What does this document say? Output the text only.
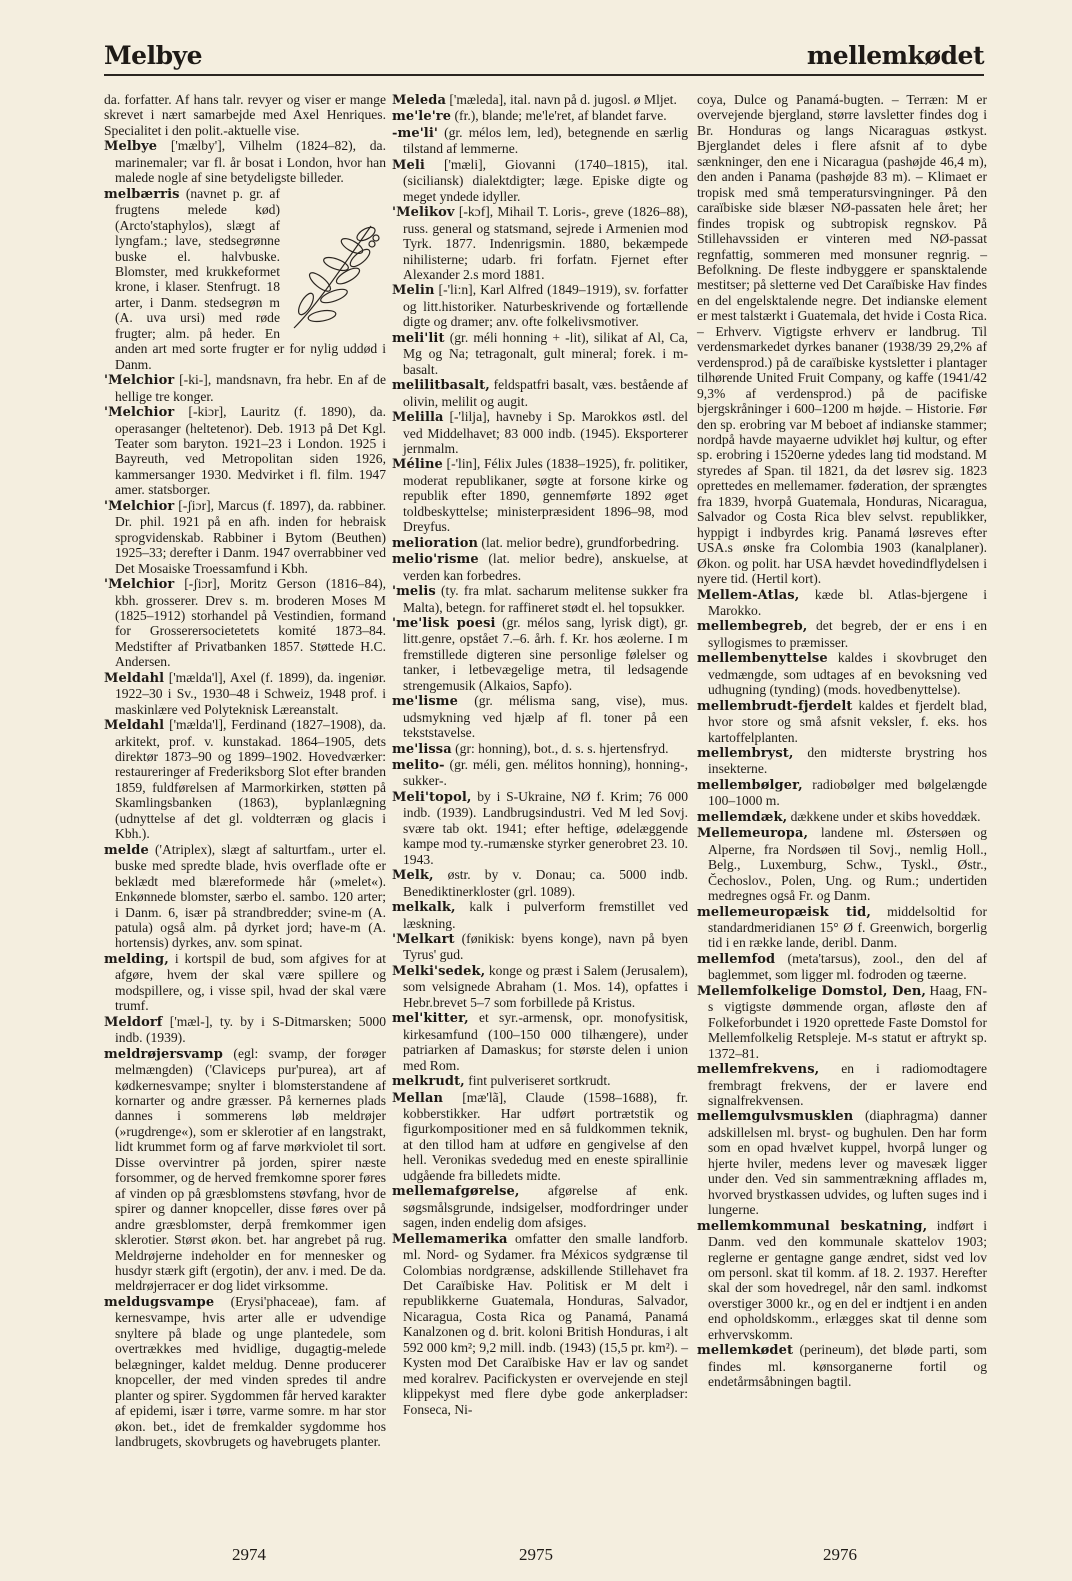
Melbye	mellemkødet
da. forfatter. Af hans talr. revyer og viser er mange skrevet i nært samarbejde med Axel Henriques. Specialitet i den polit.-aktuelle vise.
Melbye ['mælby'], Vilhelm (1824–82), da. marinemaler; var fl. år bosat i London, hvor han malede nogle af sine betydeligste billeder.
melbærris (navnet p. gr. af frugtens melede kød) (Arcto'staphylos), slægt af lyngfam.; lave, stedsegrønne buske el. halvbuske. Blomster, med krukkeformet krone, i klaser. Stenfrugt. 18 arter, i Danm. stedsegrøn m (A. uva ursi) med røde frugter; alm. på heder. En anden art med sorte frugter er for nylig uddød i Danm.
'Melchior [-ki-], mandsnavn, fra hebr. En af de hellige tre konger.
'Melchior [-kiɔr], Lauritz (f. 1890), da. operasanger (heltetenor). Deb. 1913 på Det Kgl. Teater som baryton. 1921–23 i London. 1925 i Bayreuth, ved Metropolitan siden 1926, kammersanger 1930. Medvirket i fl. film. 1947 amer. statsborger.
'Melchior [-ʃiɔr], Marcus (f. 1897), da. rabbiner. Dr. phil. 1921 på en afh. inden for hebraisk sprogvidenskab. Rabbiner i Bytom (Beuthen) 1925–33; derefter i Danm. 1947 overrabbiner ved Det Mosaiske Troessamfund i Kbh.
'Melchior [-ʃiɔr], Moritz Gerson (1816–84), kbh. grosserer. Drev s. m. broderen Moses M (1825–1912) storhandel på Vestindien, formand for Grosserersocietetets komité 1873–84. Medstifter af Privatbanken 1857. Støttede H.C. Andersen.
Meldahl ['mælda'l], Axel (f. 1899), da. ingeniør. 1922–30 i Sv., 1930–48 i Schweiz, 1948 prof. i maskinlære ved Polyteknisk Læreanstalt.
Meldahl ['mælda'l], Ferdinand (1827–1908), da. arkitekt, prof. v. kunstakad. 1864–1905, dets direktør 1873–90 og 1899–1902. Hovedværker: restaureringer af Frederiksborg Slot efter branden 1859, fuldførelsen af Marmorkirken, støtten på Skamlingsbanken (1863), byplanlægning (udnyttelse af det gl. voldterræn og glacis i Kbh.).
melde ('Atriplex), slægt af salturtfam., urter el. buske med spredte blade, hvis overflade ofte er beklædt med blæreformede hår (»melet«). Enkønnede blomster, særbo el. sambo. 120 arter; i Danm. 6, især på strandbredder; svine-m (A. patula) også alm. på dyrket jord; have-m (A. hortensis) dyrkes, anv. som spinat.
melding, i kortspil de bud, som afgives for at afgøre, hvem der skal være spillere og modspillere, og, i visse spil, hvad der skal være trumf.
Meldorf ['mæl-], ty. by i S-Ditmarsken; 5000 indb. (1939).
meldrøjersvamp (egl: svamp, der forøger melmængden) ('Claviceps pur'purea), art af kødkernesvampe; snylter i blomsterstandene af kornarter og andre græsser. På kernernes plads dannes i sommerens løb meldrøjer (»rugdrenge«), som er sklerotier af en langstrakt, lidt krummet form og af farve mørkviolet til sort. Disse overvintrer på jorden, spirer næste forsommer, og de herved fremkomne sporer føres af vinden op på græsblomstens støvfang, hvor de spirer og danner knopceller, disse føres over på andre græsblomster, derpå fremkommer igen sklerotier. Størst økon. bet. har angrebet på rug. Meldrøjerne indeholder en for mennesker og husdyr stærk gift (ergotin), der anv. i med. De da. meldrøjerracer er dog lidet virksomme.
meldugsvampe (Erysi'phaceae), fam. af kernesvampe, hvis arter alle er udvendige snyltere på blade og unge plantedele, som overtrækkes med hvidlige, dugagtig-melede belægninger, kaldet meldug. Denne producerer knopceller, der med vinden spredes til andre planter og spirer. Sygdommen får herved karakter af epidemi, især i tørre, varme somre. m har stor økon. bet., idet de fremkalder sygdomme hos landbrugets, skovbrugets og havebrugets planter.
Meleda ['mæleda], ital. navn på d. jugosl. ø Mljet.
me'le're (fr.), blande; me'le'ret, af blandet farve.
-me'li' (gr. mélos lem, led), betegnende en særlig tilstand af lemmerne.
Meli ['mæli], Giovanni (1740–1815), ital. (siciliansk) dialektdigter; læge. Episke digte og meget yndede idyller.
'Melikov [-kɔf], Mihail T. Loris-, greve (1826–88), russ. general og statsmand, sejrede i Armenien mod Tyrk. 1877. Indenrigsmin. 1880, bekæmpede nihilisterne; udarb. fri forfatn. Fjernet efter Alexander 2.s mord 1881.
Melin [-'li:n], Karl Alfred (1849–1919), sv. forfatter og litt.historiker. Naturbeskrivende og fortællende digte og dramer; anv. ofte folkelivsmotiver.
meli'lit (gr. méli honning + -lit), silikat af Al, Ca, Mg og Na; tetragonalt, gult mineral; forek. i m-basalt.
melilitbasalt, feldspatfri basalt, væs. bestående af olivin, melilit og augit.
Melilla [-'lilja], havneby i Sp. Marokkos østl. del ved Middelhavet; 83 000 indb. (1945). Eksporterer jernmalm.
Méline [-'lin], Félix Jules (1838–1925), fr. politiker, moderat republikaner, søgte at forsone kirke og republik efter 1890, gennemførte 1892 øget toldbeskyttelse; ministerpræsident 1896–98, mod Dreyfus.
melioration (lat. melior bedre), grundforbedring.
melio'risme (lat. melior bedre), anskuelse, at verden kan forbedres.
'melis (ty. fra mlat. sacharum melitense sukker fra Malta), betegn. for raffineret stødt el. hel topsukker.
'me'lisk poesi (gr. mélos sang, lyrisk digt), gr. litt.genre, opstået 7.–6. årh. f. Kr. hos æolerne. I m fremstillede digteren sine personlige følelser og tanker, i letbevægelige metra, til ledsagende strengemusik (Alkaios, Sapfo).
me'lisme (gr. mélisma sang, vise), mus. udsmykning ved hjælp af fl. toner på een tekststavelse.
me'lissa (gr: honning), bot., d. s. s. hjertensfryd.
melito- (gr. méli, gen. mélitos honning), honning-, sukker-.
Meli'topol, by i S-Ukraine, NØ f. Krim; 76 000 indb. (1939). Landbrugsindustri. Ved M led Sovj. svære tab okt. 1941; efter heftige, ødelæggende kampe mod ty.-rumænske styrker generobret 23. 10. 1943.
Melk, østr. by v. Donau; ca. 5000 indb. Benediktinerkloster (grl. 1089).
melkalk, kalk i pulverform fremstillet ved læskning.
'Melkart (fønikisk: byens konge), navn på byen Tyrus' gud.
Melki'sedek, konge og præst i Salem (Jerusalem), som velsignede Abraham (1. Mos. 14), opfattes i Hebr.brevet 5–7 som forbillede på Kristus.
mel'kitter, et syr.-armensk, opr. monofysitisk, kirkesamfund (100–150 000 tilhængere), under patriarken af Damaskus; for største delen i union med Rom.
melkrudt, fint pulveriseret sortkrudt.
Mellan [mæ'lã], Claude (1598–1688), fr. kobberstikker. Har udført portrætstik og figurkompositioner med en så fuldkommen teknik, at den tillod ham at udføre en gengivelse af den hell. Veronikas svededug med en eneste spirallinie udgående fra billedets midte.
mellemafgørelse, afgørelse af enk. søgsmålsgrunde, indsigelser, modfordringer under sagen, inden endelig dom afsiges.
Mellemamerika omfatter den smalle landforb. ml. Nord- og Sydamer. fra Méxicos sydgrænse til Colombias nordgrænse, adskillende Stillehavet fra Det Caraïbiske Hav. Politisk er M delt i republikkerne Guatemala, Honduras, Salvador, Nicaragua, Costa Rica og Panamá, Panamá Kanalzonen og d. brit. koloni British Honduras, i alt 592 000 km²; 9,2 mill. indb. (1943) (15,5 pr. km²). – Kysten mod Det Caraïbiske Hav er lav og sandet med koralrev. Pacifickysten er overvejende en stejl klippekyst med flere dybe gode ankerpladser: Fonseca, Ni-
coya, Dulce og Panamá-bugten. – Terræn: M er overvejende bjergland, større lavsletter findes dog i Br. Honduras og langs Nicaraguas østkyst. Bjerglandet deles i flere afsnit af to dybe sænkninger, den ene i Nicaragua (pashøjde 46,4 m), den anden i Panama (pashøjde 83 m). – Klimaet er tropisk med små temperatursvingninger. På den caraïbiske side blæser NØ-passaten hele året; her findes tropisk og subtropisk regnskov. På Stillehavssiden er vinteren med NØ-passat regnfattig, sommeren med monsuner regnrig. – Befolkning. De fleste indbyggere er spansktalende mestitser; på sletterne ved Det Caraïbiske Hav findes en del engelsktalende negre. Det indianske element er mest talstærkt i Guatemala, det hvide i Costa Rica. – Erhverv. Vigtigste erhverv er landbrug. Til verdensmarkedet dyrkes bananer (1938/39 29,2% af verdensprod.) på de caraïbiske kystsletter i plantager tilhørende United Fruit Company, og kaffe (1941/42 9,3% af verdensprod.) på de pacifiske bjergskråninger i 600–1200 m højde. – Historie. Før den sp. erobring var M beboet af indianske stammer; nordpå havde mayaerne udviklet høj kultur, og efter sp. erobring i 1520erne ydedes lang tid modstand. M styredes af Span. til 1821, da det løsrev sig. 1823 oprettedes en mellemamer. føderation, der sprængtes fra 1839, hvorpå Guatemala, Honduras, Nicaragua, Salvador og Costa Rica blev selvst. republikker, hyppigt i indbyrdes krig. Panamá løsreves efter USA.s ønske fra Colombia 1903 (kanalplaner). Økon. og polit. har USA hævdet hovedindflydelsen i nyere tid. (Hertil kort).
Mellem-Atlas, kæde bl. Atlas-bjergene i Marokko.
mellembegreb, det begreb, der er ens i en syllogismes to præmisser.
mellembenyttelse kaldes i skovbruget den vedmængde, som udtages af en bevoksning ved udhugning (tynding) (mods. hovedbenyttelse).
mellembrudt-fjerdelt kaldes et fjerdelt blad, hvor store og små afsnit veksler, f. eks. hos kartoffelplanten.
mellembryst, den midterste brystring hos insekterne.
mellembølger, radiobølger med bølgelængde 100–1000 m.
mellemdæk, dækkene under et skibs hoveddæk.
Mellemeuropa, landene ml. Østersøen og Alperne, fra Nordsøen til Sovj., nemlig Holl., Belg., Luxemburg, Schw., Tyskl., Østr., Čechoslov., Polen, Ung. og Rum.; undertiden medregnes også Fr. og Danm.
mellemeuropæisk tid, middelsoltid for standardmeridianen 15° Ø f. Greenwich, borgerlig tid i en række lande, deribl. Danm.
mellemfod (meta'tarsus), zool., den del af baglemmet, som ligger ml. fodroden og tæerne.
Mellemfolkelige Domstol, Den, Haag, FN-s vigtigste dømmende organ, afløste den af Folkeforbundet i 1920 oprettede Faste Domstol for Mellemfolkelig Retspleje. M-s statut er aftrykt sp. 1372–81.
mellemfrekvens, en i radiomodtagere frembragt frekvens, der er lavere end signalfrekvensen.
mellemgulvsmusklen (diaphragma) danner adskillelsen ml. bryst- og bughulen. Den har form som en opad hvælvet kuppel, hvorpå lunger og hjerte hviler, medens lever og mavesæk ligger under den. Ved sin sammentrækning afflades m, hvorved brystkassen udvides, og luften suges ind i lungerne.
mellemkommunal beskatning, indført i Danm. ved den kommunale skattelov 1903; reglerne er gentagne gange ændret, sidst ved lov om personl. skat til komm. af 18. 2. 1937. Herefter skal der som hovedregel, når den saml. indkomst overstiger 3000 kr., og en del er indtjent i en anden end opholdskomm., erlægges skat til denne som erhvervskomm.
mellemkødet (perineum), det bløde parti, som findes ml. kønsorganerne fortil og endetårmsåbningen bagtil.
2974	2975	2976
